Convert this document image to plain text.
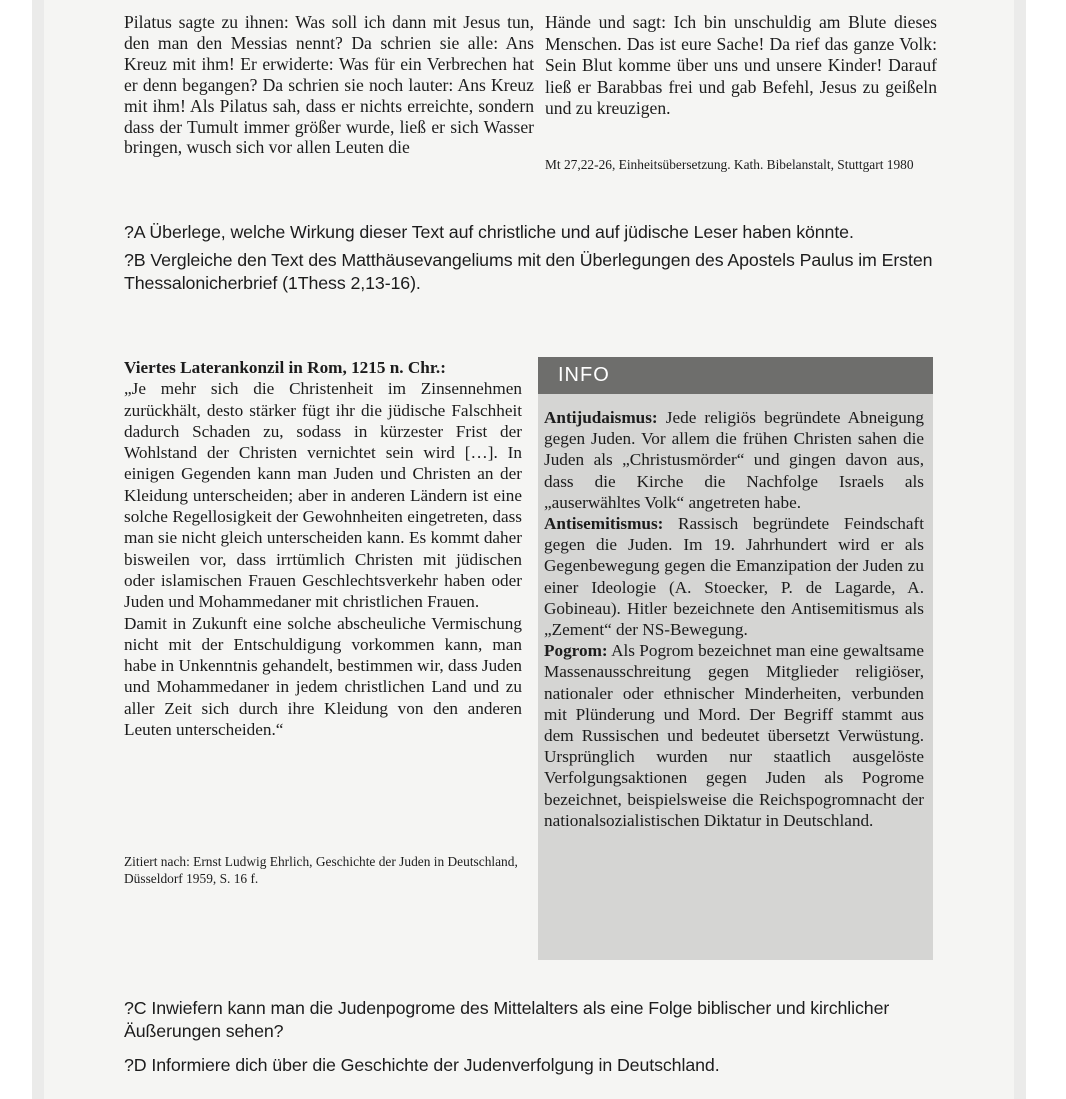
Pilatus sagte zu ihnen: Was soll ich dann mit Jesus tun, den man den Messias nennt? Da schrien sie alle: Ans Kreuz mit ihm! Er erwiderte: Was für ein Verbrechen hat er denn begangen? Da schrien sie noch lauter: Ans Kreuz mit ihm! Als Pilatus sah, dass er nichts erreichte, sondern dass der Tumult immer größer wurde, ließ er sich Wasser bringen, wusch sich vor allen Leuten die

Hände und sagt: Ich bin unschuldig am Blute dieses Menschen. Das ist eure Sache! Da rief das ganze Volk: Sein Blut komme über uns und unsere Kinder! Darauf ließ er Barabbas frei und gab Befehl, Jesus zu geißeln und zu kreuzigen.

Mt 27,22-26, Einheitsübersetzung. Kath. Bibelanstalt, Stuttgart 1980

?A Überlege, welche Wirkung dieser Text auf christliche und auf jüdische Leser haben könnte.

?B Vergleiche den Text des Matthäusevangeliums mit den Überlegungen des Apostels Paulus im Ersten Thessalonicherbrief (1Thess 2,13-16).

Viertes Laterankonzil in Rom, 1215 n. Chr.:

„Je mehr sich die Christenheit im Zinsennehmen zurückhält, desto stärker fügt ihr die jüdische Falschheit dadurch Schaden zu, sodass in kürzester Frist der Wohlstand der Christen vernichtet sein wird […]. In einigen Gegenden kann man Juden und Christen an der Kleidung unterscheiden; aber in anderen Ländern ist eine solche Regellosigkeit der Gewohnheiten eingetreten, dass man sie nicht gleich unterscheiden kann. Es kommt daher bisweilen vor, dass irrtümlich Christen mit jüdischen oder islamischen Frauen Geschlechtsverkehr haben oder Juden und Mohammedaner mit christlichen Frauen.

Damit in Zukunft eine solche abscheuliche Vermischung nicht mit der Entschuldigung vorkommen kann, man habe in Unkenntnis gehandelt, bestimmen wir, dass Juden und Mohammedaner in jedem christlichen Land und zu aller Zeit sich durch ihre Kleidung von den anderen Leuten unterscheiden.“

Zitiert nach: Ernst Ludwig Ehrlich, Geschichte der Juden in Deutschland, Düsseldorf 1959, S. 16 f.

INFO

Antijudaismus: Jede religiös begründete Abneigung gegen Juden. Vor allem die frühen Christen sahen die Juden als „Christusmörder“ und gingen davon aus, dass die Kirche die Nachfolge Israels als „auserwähltes Volk“ angetreten habe.

Antisemitismus: Rassisch begründete Feindschaft gegen die Juden. Im 19. Jahrhundert wird er als Gegenbewegung gegen die Emanzipation der Juden zu einer Ideologie (A. Stoecker, P. de Lagarde, A. Gobineau). Hitler bezeichnete den Antisemitismus als „Zement“ der NS-Bewegung.

Pogrom: Als Pogrom bezeichnet man eine gewaltsame Massenausschreitung gegen Mitglieder religiöser, nationaler oder ethnischer Minderheiten, verbunden mit Plünderung und Mord. Der Begriff stammt aus dem Russischen und bedeutet übersetzt Verwüstung. Ursprünglich wurden nur staatlich ausgelöste Verfolgungsaktionen gegen Juden als Pogrome bezeichnet, beispielsweise die Reichspogromnacht der nationalsozialistischen Diktatur in Deutschland.

?C Inwiefern kann man die Judenpogrome des Mittelalters als eine Folge biblischer und kirchlicher Äußerungen sehen?

?D Informiere dich über die Geschichte der Judenverfolgung in Deutschland.
